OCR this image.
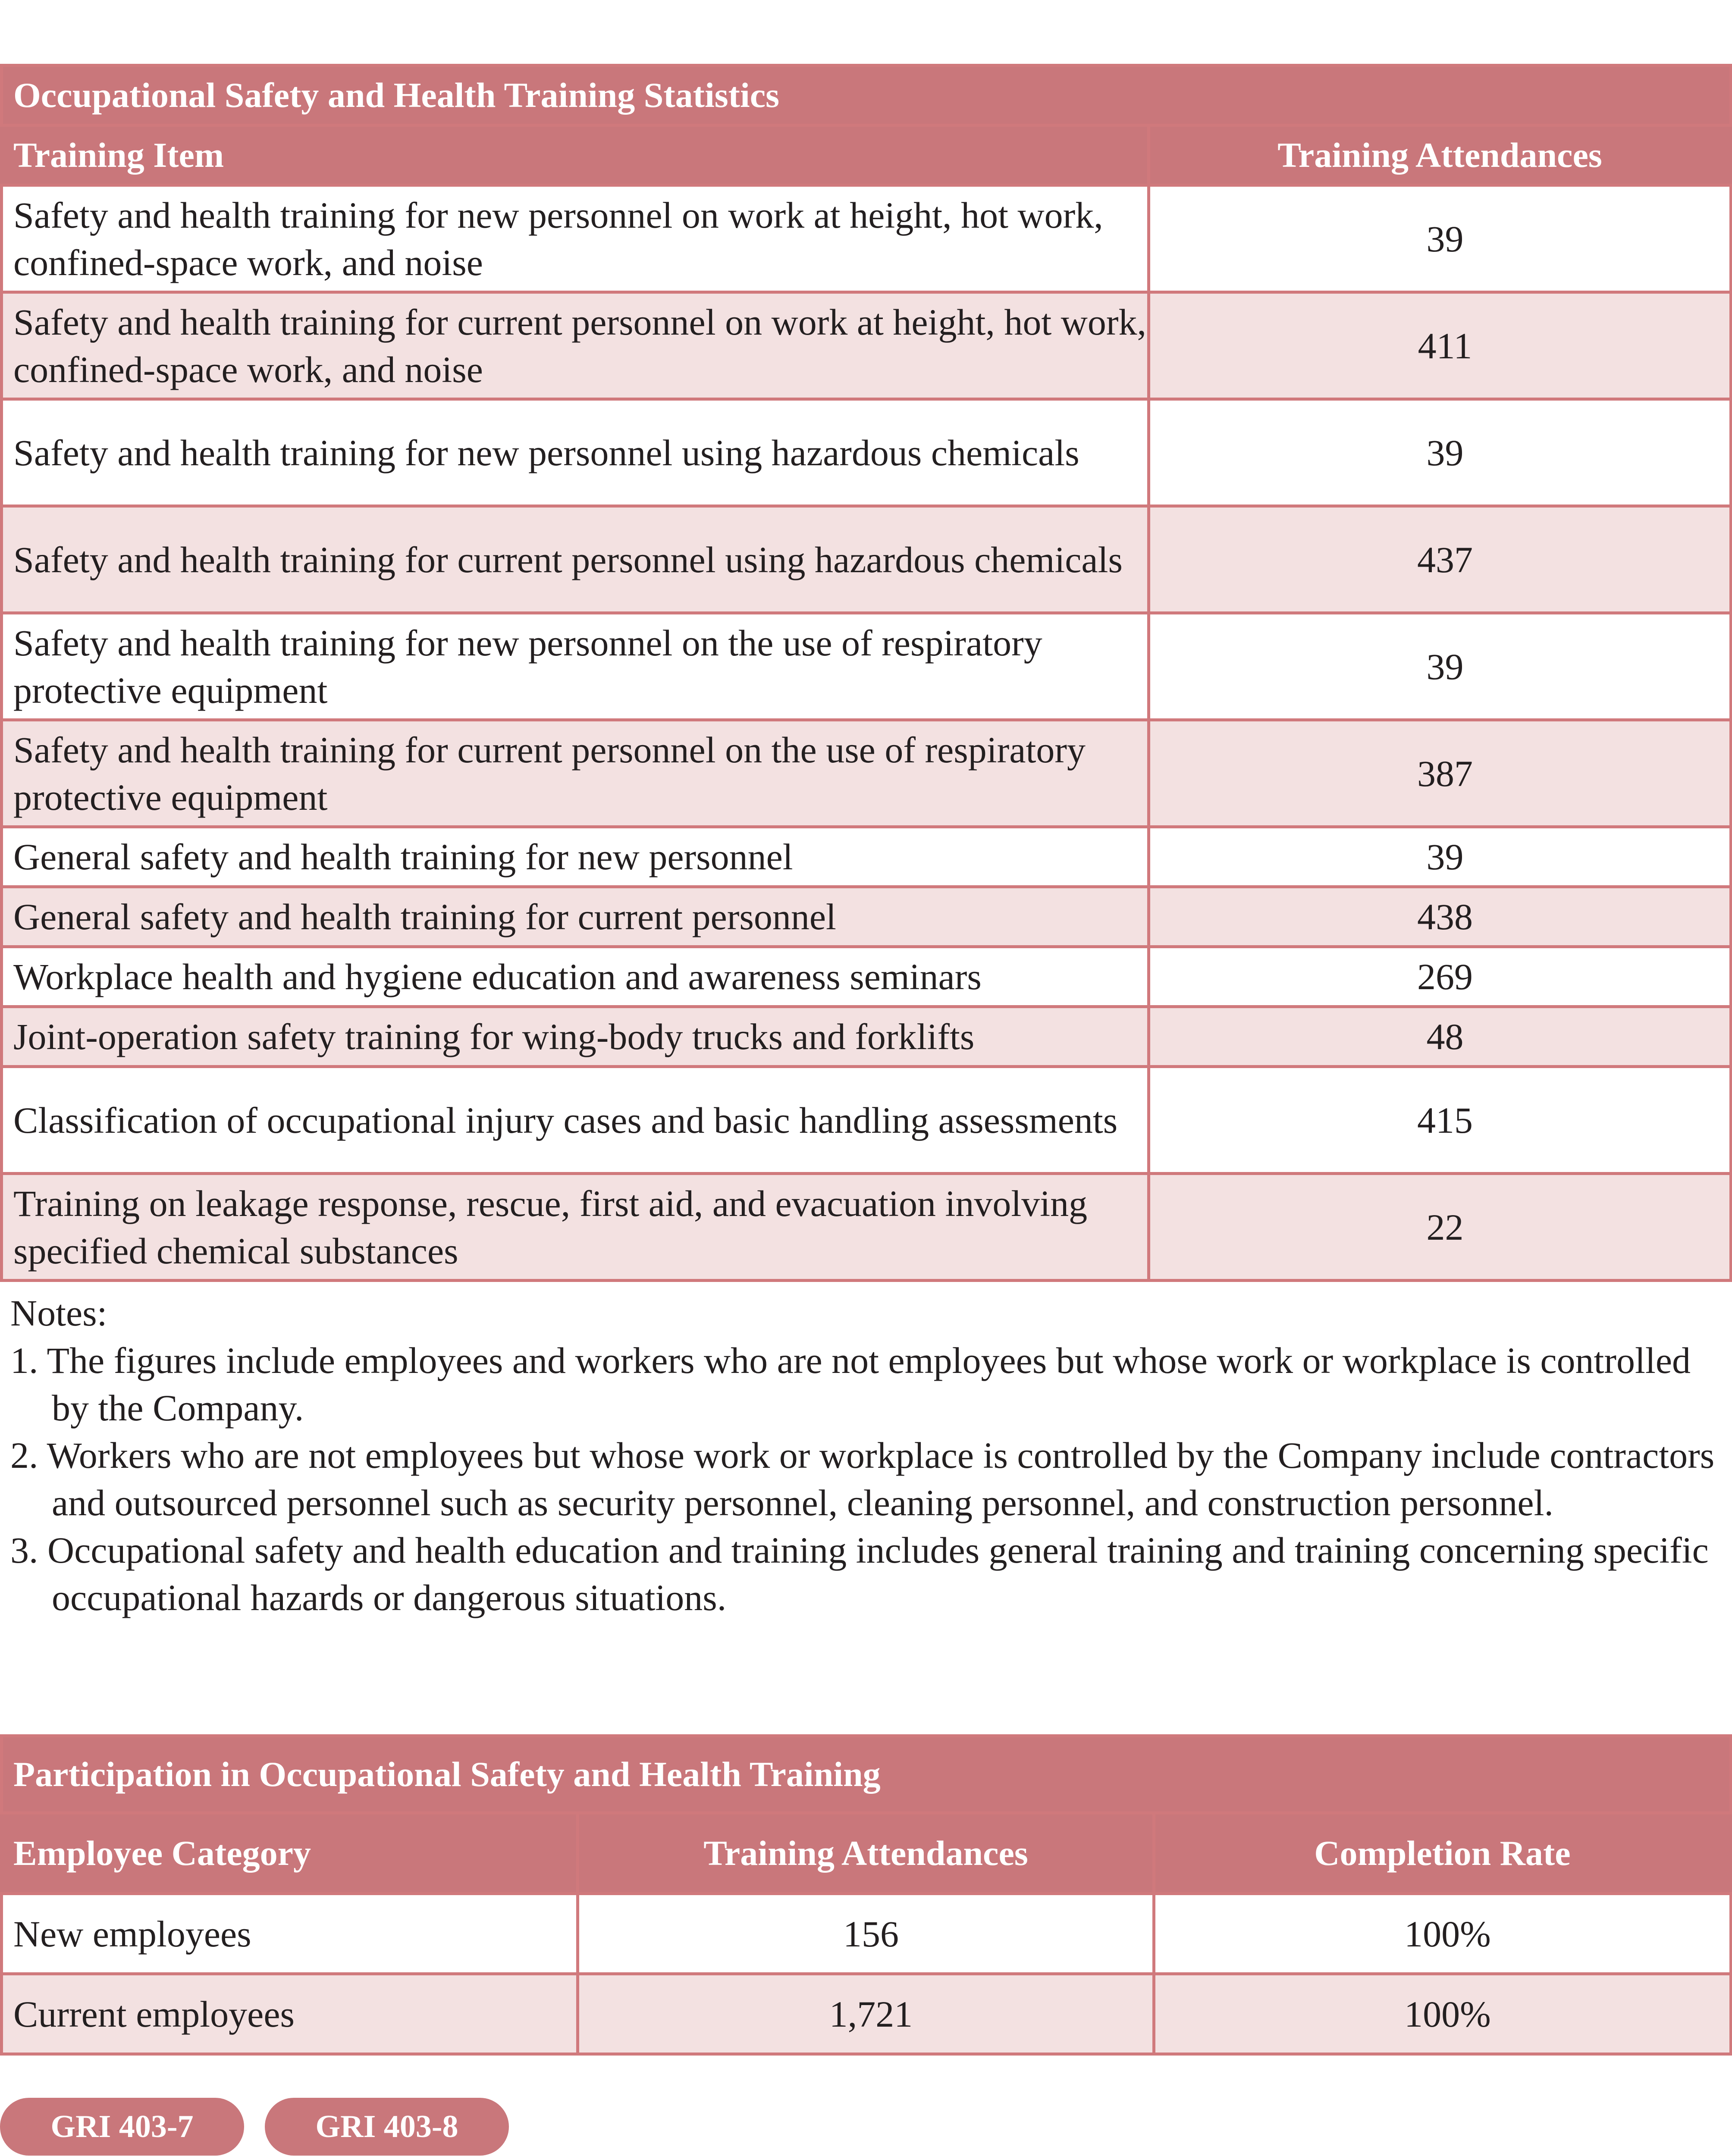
Occupational Safety and Health Training Statistics	
Training Item	Training Attendances
Safety and health training for new personnel on work at height, hot work, confined-space work, and noise	39
Safety and health training for current personnel on work at height, hot work, confined-space work, and noise	411
Safety and health training for new personnel using hazardous chemicals	39
Safety and health training for current personnel using hazardous chemicals	437
Safety and health training for new personnel on the use of respiratory protective equipment	39
Safety and health training for current personnel on the use of respiratory protective equipment	387
General safety and health training for new personnel	39
General safety and health training for current personnel	438
Workplace health and hygiene education and awareness seminars	269
Joint-operation safety training for wing-body trucks and forklifts	48
Classification of occupational injury cases and basic handling assessments	415
Training on leakage response, rescue, first aid, and evacuation involving specified chemical substances	22

Notes:

1. The figures include employees and workers who are not employees but whose work or workplace is controlled by the Company.

2. Workers who are not employees but whose work or workplace is controlled by the Company include contractors and outsourced personnel such as security personnel, cleaning personnel, and construction personnel.

3. Occupational safety and health education and training includes general training and training concerning specific occupational hazards or dangerous situations.

Participation in Occupational Safety and Health Training		
Employee Category	Training Attendances	Completion Rate
New employees	156	100%
Current employees	1,721	100%
GRI 403-7	GRI 403-8
